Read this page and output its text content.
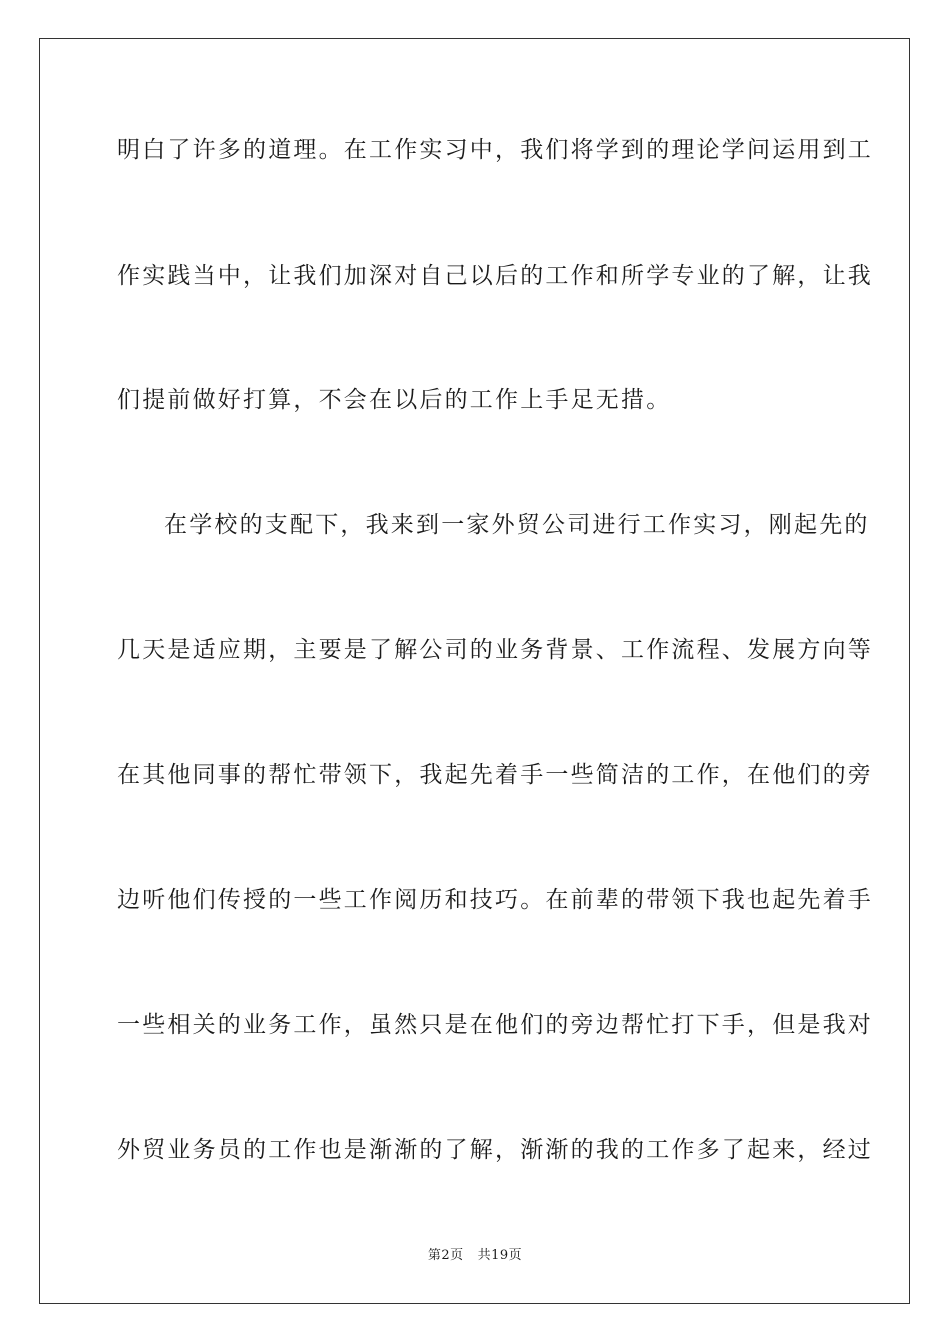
明白了许多的道理。在工作实习中，我们将学到的理论学问运用到工
作实践当中，让我们加深对自己以后的工作和所学专业的了解，让我
们提前做好打算，不会在以后的工作上手足无措。
在学校的支配下，我来到一家外贸公司进行工作实习，刚起先的
几天是适应期，主要是了解公司的业务背景、工作流程、发展方向等
在其他同事的帮忙带领下，我起先着手一些简洁的工作，在他们的旁
边听他们传授的一些工作阅历和技巧。在前辈的带领下我也起先着手
一些相关的业务工作，虽然只是在他们的旁边帮忙打下手，但是我对
外贸业务员的工作也是渐渐的了解，渐渐的我的工作多了起来，经过
第2页 共19页
